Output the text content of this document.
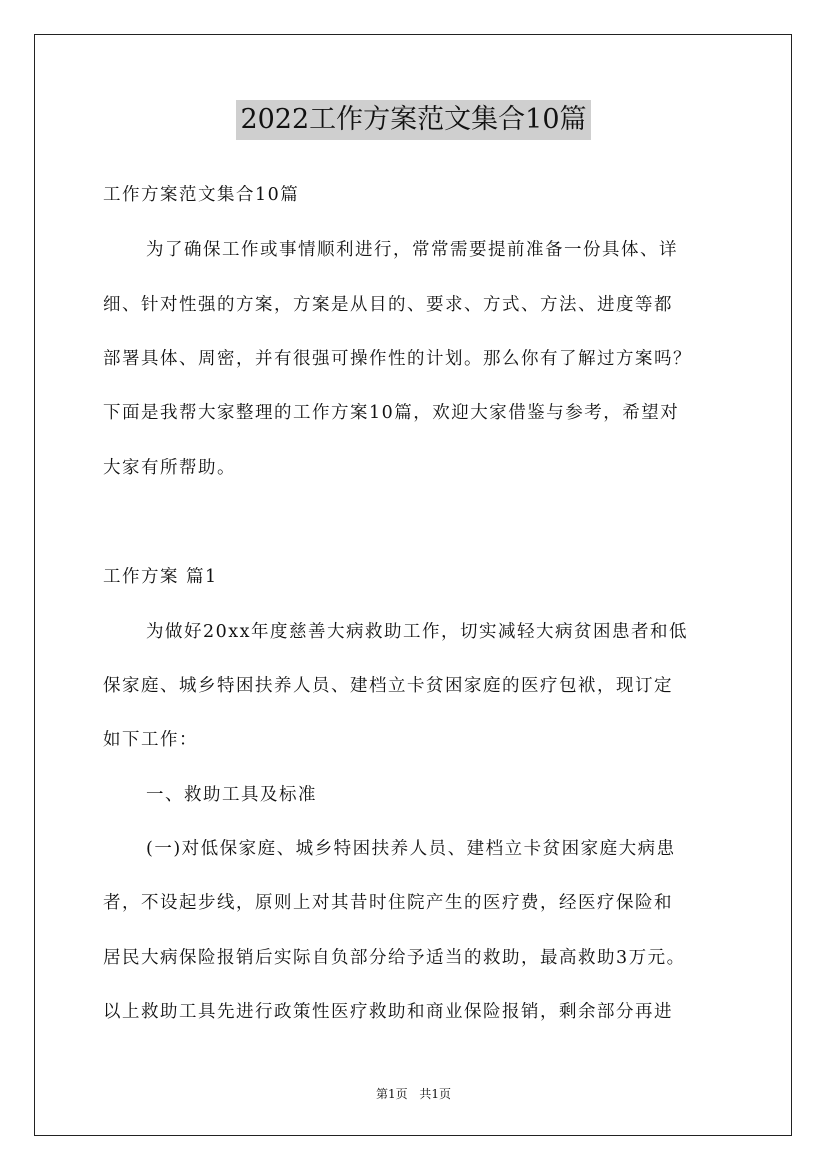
2022工作方案范文集合10篇
工作方案范文集合10篇
为了确保工作或事情顺利进行，常常需要提前准备一份具体、详
细、针对性强的方案，方案是从目的、要求、方式、方法、进度等都
部署具体、周密，并有很强可操作性的计划。那么你有了解过方案吗？
下面是我帮大家整理的工作方案10篇，欢迎大家借鉴与参考，希望对
大家有所帮助。
工作方案 篇1
为做好20xx年度慈善大病救助工作，切实减轻大病贫困患者和低
保家庭、城乡特困扶养人员、建档立卡贫困家庭的医疗包袱，现订定
如下工作：
一、救助工具及标准
(一)对低保家庭、城乡特困扶养人员、建档立卡贫困家庭大病患
者，不设起步线，原则上对其昔时住院产生的医疗费，经医疗保险和
居民大病保险报销后实际自负部分给予适当的救助，最高救助3万元。
以上救助工具先进行政策性医疗救助和商业保险报销，剩余部分再进
第1页 共1页
